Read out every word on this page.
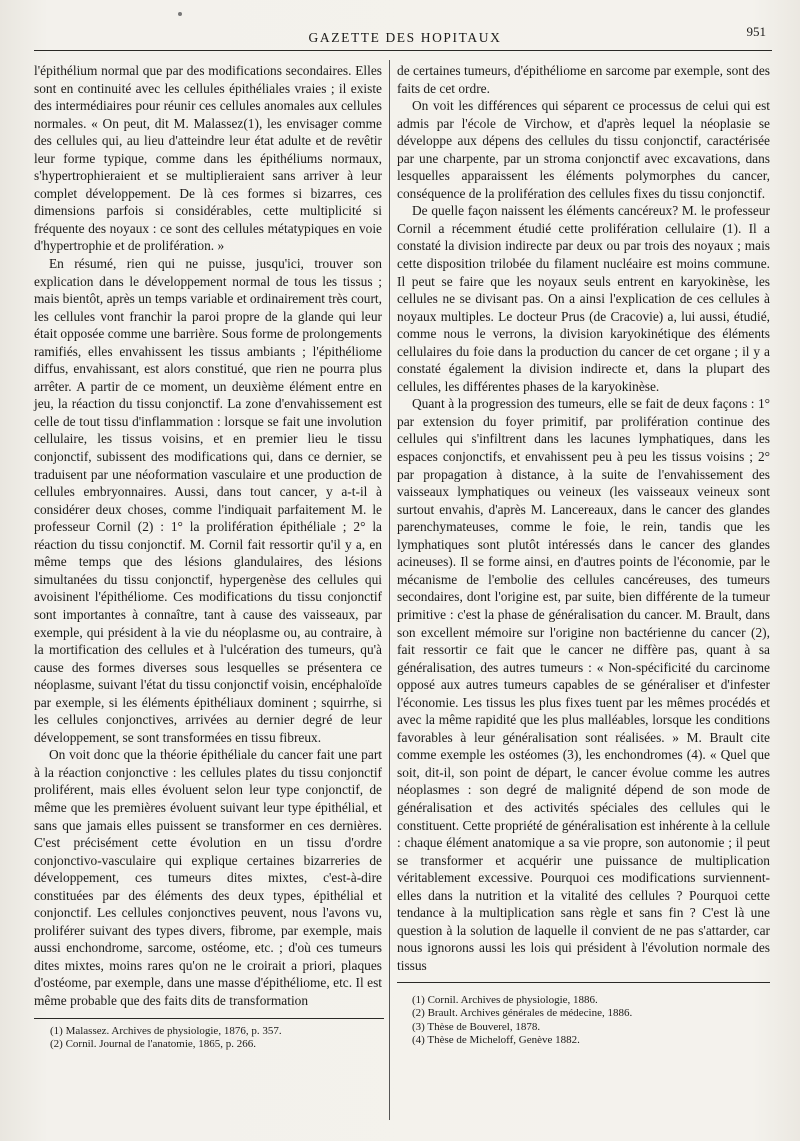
GAZETTE DES HOPITAUX	951

l'épithélium normal que par des modifications secondaires. Elles sont en continuité avec les cellules épithéliales vraies ; il existe des intermédiaires pour réunir ces cellules anomales aux cellules normales. « On peut, dit M. Malassez(1), les envisager comme des cellules qui, au lieu d'atteindre leur état adulte et de revêtir leur forme typique, comme dans les épithéliums normaux, s'hypertrophieraient et se multiplieraient sans arriver à leur complet développement. De là ces formes si bizarres, ces dimensions parfois si considérables, cette multiplicité si fréquente des noyaux : ce sont des cellules métatypiques en voie d'hypertrophie et de prolifération. »

En résumé, rien qui ne puisse, jusqu'ici, trouver son explication dans le développement normal de tous les tissus ; mais bientôt, après un temps variable et ordinairement très court, les cellules vont franchir la paroi propre de la glande qui leur était opposée comme une barrière. Sous forme de prolongements ramifiés, elles envahissent les tissus ambiants ; l'épithéliome diffus, envahissant, est alors constitué, que rien ne pourra plus arrêter. A partir de ce moment, un deuxième élément entre en jeu, la réaction du tissu conjonctif. La zone d'envahissement est celle de tout tissu d'inflammation : lorsque se fait une involution cellulaire, les tissus voisins, et en premier lieu le tissu conjonctif, subissent des modifications qui, dans ce dernier, se traduisent par une néoformation vasculaire et une production de cellules embryonnaires. Aussi, dans tout cancer, y a-t-il à considérer deux choses, comme l'indiquait parfaitement M. le professeur Cornil (2) : 1° la prolifération épithéliale ; 2° la réaction du tissu conjonctif. M. Cornil fait ressortir qu'il y a, en même temps que des lésions glandulaires, des lésions simultanées du tissu conjonctif, hypergenèse des cellules qui avoisinent l'épithéliome. Ces modifications du tissu conjonctif sont importantes à connaître, tant à cause des vaisseaux, par exemple, qui président à la vie du néoplasme ou, au contraire, à la mortification des cellules et à l'ulcération des tumeurs, qu'à cause des formes diverses sous lesquelles se présentera ce néoplasme, suivant l'état du tissu conjonctif voisin, encéphaloïde par exemple, si les éléments épithéliaux dominent ; squirrhe, si les cellules conjonctives, arrivées au dernier degré de leur développement, se sont transformées en tissu fibreux.

On voit donc que la théorie épithéliale du cancer fait une part à la réaction conjonctive : les cellules plates du tissu conjonctif proliférent, mais elles évoluent selon leur type conjonctif, de même que les premières évoluent suivant leur type épithélial, et sans que jamais elles puissent se transformer en ces dernières. C'est précisément cette évolution en un tissu d'ordre conjonctivo-vasculaire qui explique certaines bizarreries de développement, ces tumeurs dites mixtes, c'est-à-dire constituées par des éléments des deux types, épithélial et conjonctif. Les cellules conjonctives peuvent, nous l'avons vu, proliférer suivant des types divers, fibrome, par exemple, mais aussi enchondrome, sarcome, ostéome, etc. ; d'où ces tumeurs dites mixtes, moins rares qu'on ne le croirait a priori, plaques d'ostéome, par exemple, dans une masse d'épithéliome, etc. Il est même probable que des faits dits de transformation

(1) Malassez. Archives de physiologie, 1876, p. 357.
(2) Cornil. Journal de l'anatomie, 1865, p. 266.

de certaines tumeurs, d'épithéliome en sarcome par exemple, sont des faits de cet ordre.

On voit les différences qui séparent ce processus de celui qui est admis par l'école de Virchow, et d'après lequel la néoplasie se développe aux dépens des cellules du tissu conjonctif, caractérisée par une charpente, par un stroma conjonctif avec excavations, dans lesquelles apparaissent les éléments polymorphes du cancer, conséquence de la prolifération des cellules fixes du tissu conjonctif.

De quelle façon naissent les éléments cancéreux? M. le professeur Cornil a récemment étudié cette prolifération cellulaire (1). Il a constaté la division indirecte par deux ou par trois des noyaux ; mais cette disposition trilobée du filament nucléaire est moins commune. Il peut se faire que les noyaux seuls entrent en karyokinèse, les cellules ne se divisant pas. On a ainsi l'explication de ces cellules à noyaux multiples. Le docteur Prus (de Cracovie) a, lui aussi, étudié, comme nous le verrons, la division karyokinétique des éléments cellulaires du foie dans la production du cancer de cet organe ; il y a constaté également la division indirecte et, dans la plupart des cellules, les différentes phases de la karyokinèse.

Quant à la progression des tumeurs, elle se fait de deux façons : 1° par extension du foyer primitif, par prolifération continue des cellules qui s'infiltrent dans les lacunes lymphatiques, dans les espaces conjonctifs, et envahissent peu à peu les tissus voisins ; 2° par propagation à distance, à la suite de l'envahissement des vaisseaux lymphatiques ou veineux (les vaisseaux veineux sont surtout envahis, d'après M. Lancereaux, dans le cancer des glandes parenchymateuses, comme le foie, le rein, tandis que les lymphatiques sont plutôt intéressés dans le cancer des glandes acineuses). Il se forme ainsi, en d'autres points de l'économie, par le mécanisme de l'embolie des cellules cancéreuses, des tumeurs secondaires, dont l'origine est, par suite, bien différente de la tumeur primitive : c'est la phase de généralisation du cancer. M. Brault, dans son excellent mémoire sur l'origine non bactérienne du cancer (2), fait ressortir ce fait que le cancer ne diffère pas, quant à sa généralisation, des autres tumeurs : « Non-spécificité du carcinome opposé aux autres tumeurs capables de se généraliser et d'infester l'économie. Les tissus les plus fixes tuent par les mêmes procédés et avec la même rapidité que les plus malléables, lorsque les conditions favorables à leur généralisation sont réalisées. » M. Brault cite comme exemple les ostéomes (3), les enchondromes (4). « Quel que soit, dit-il, son point de départ, le cancer évolue comme les autres néoplasmes : son degré de malignité dépend de son mode de généralisation et des activités spéciales des cellules qui le constituent. Cette propriété de généralisation est inhérente à la cellule : chaque élément anatomique a sa vie propre, son autonomie ; il peut se transformer et acquérir une puissance de multiplication véritablement excessive. Pourquoi ces modifications surviennent-elles dans la nutrition et la vitalité des cellules ? Pourquoi cette tendance à la multiplication sans règle et sans fin ? C'est là une question à la solution de laquelle il convient de ne pas s'attarder, car nous ignorons aussi les lois qui président à l'évolution normale des tissus

(1) Cornil. Archives de physiologie, 1886.
(2) Brault. Archives générales de médecine, 1886.
(3) Thèse de Bouverel, 1878.
(4) Thèse de Micheloff, Genève 1882.
